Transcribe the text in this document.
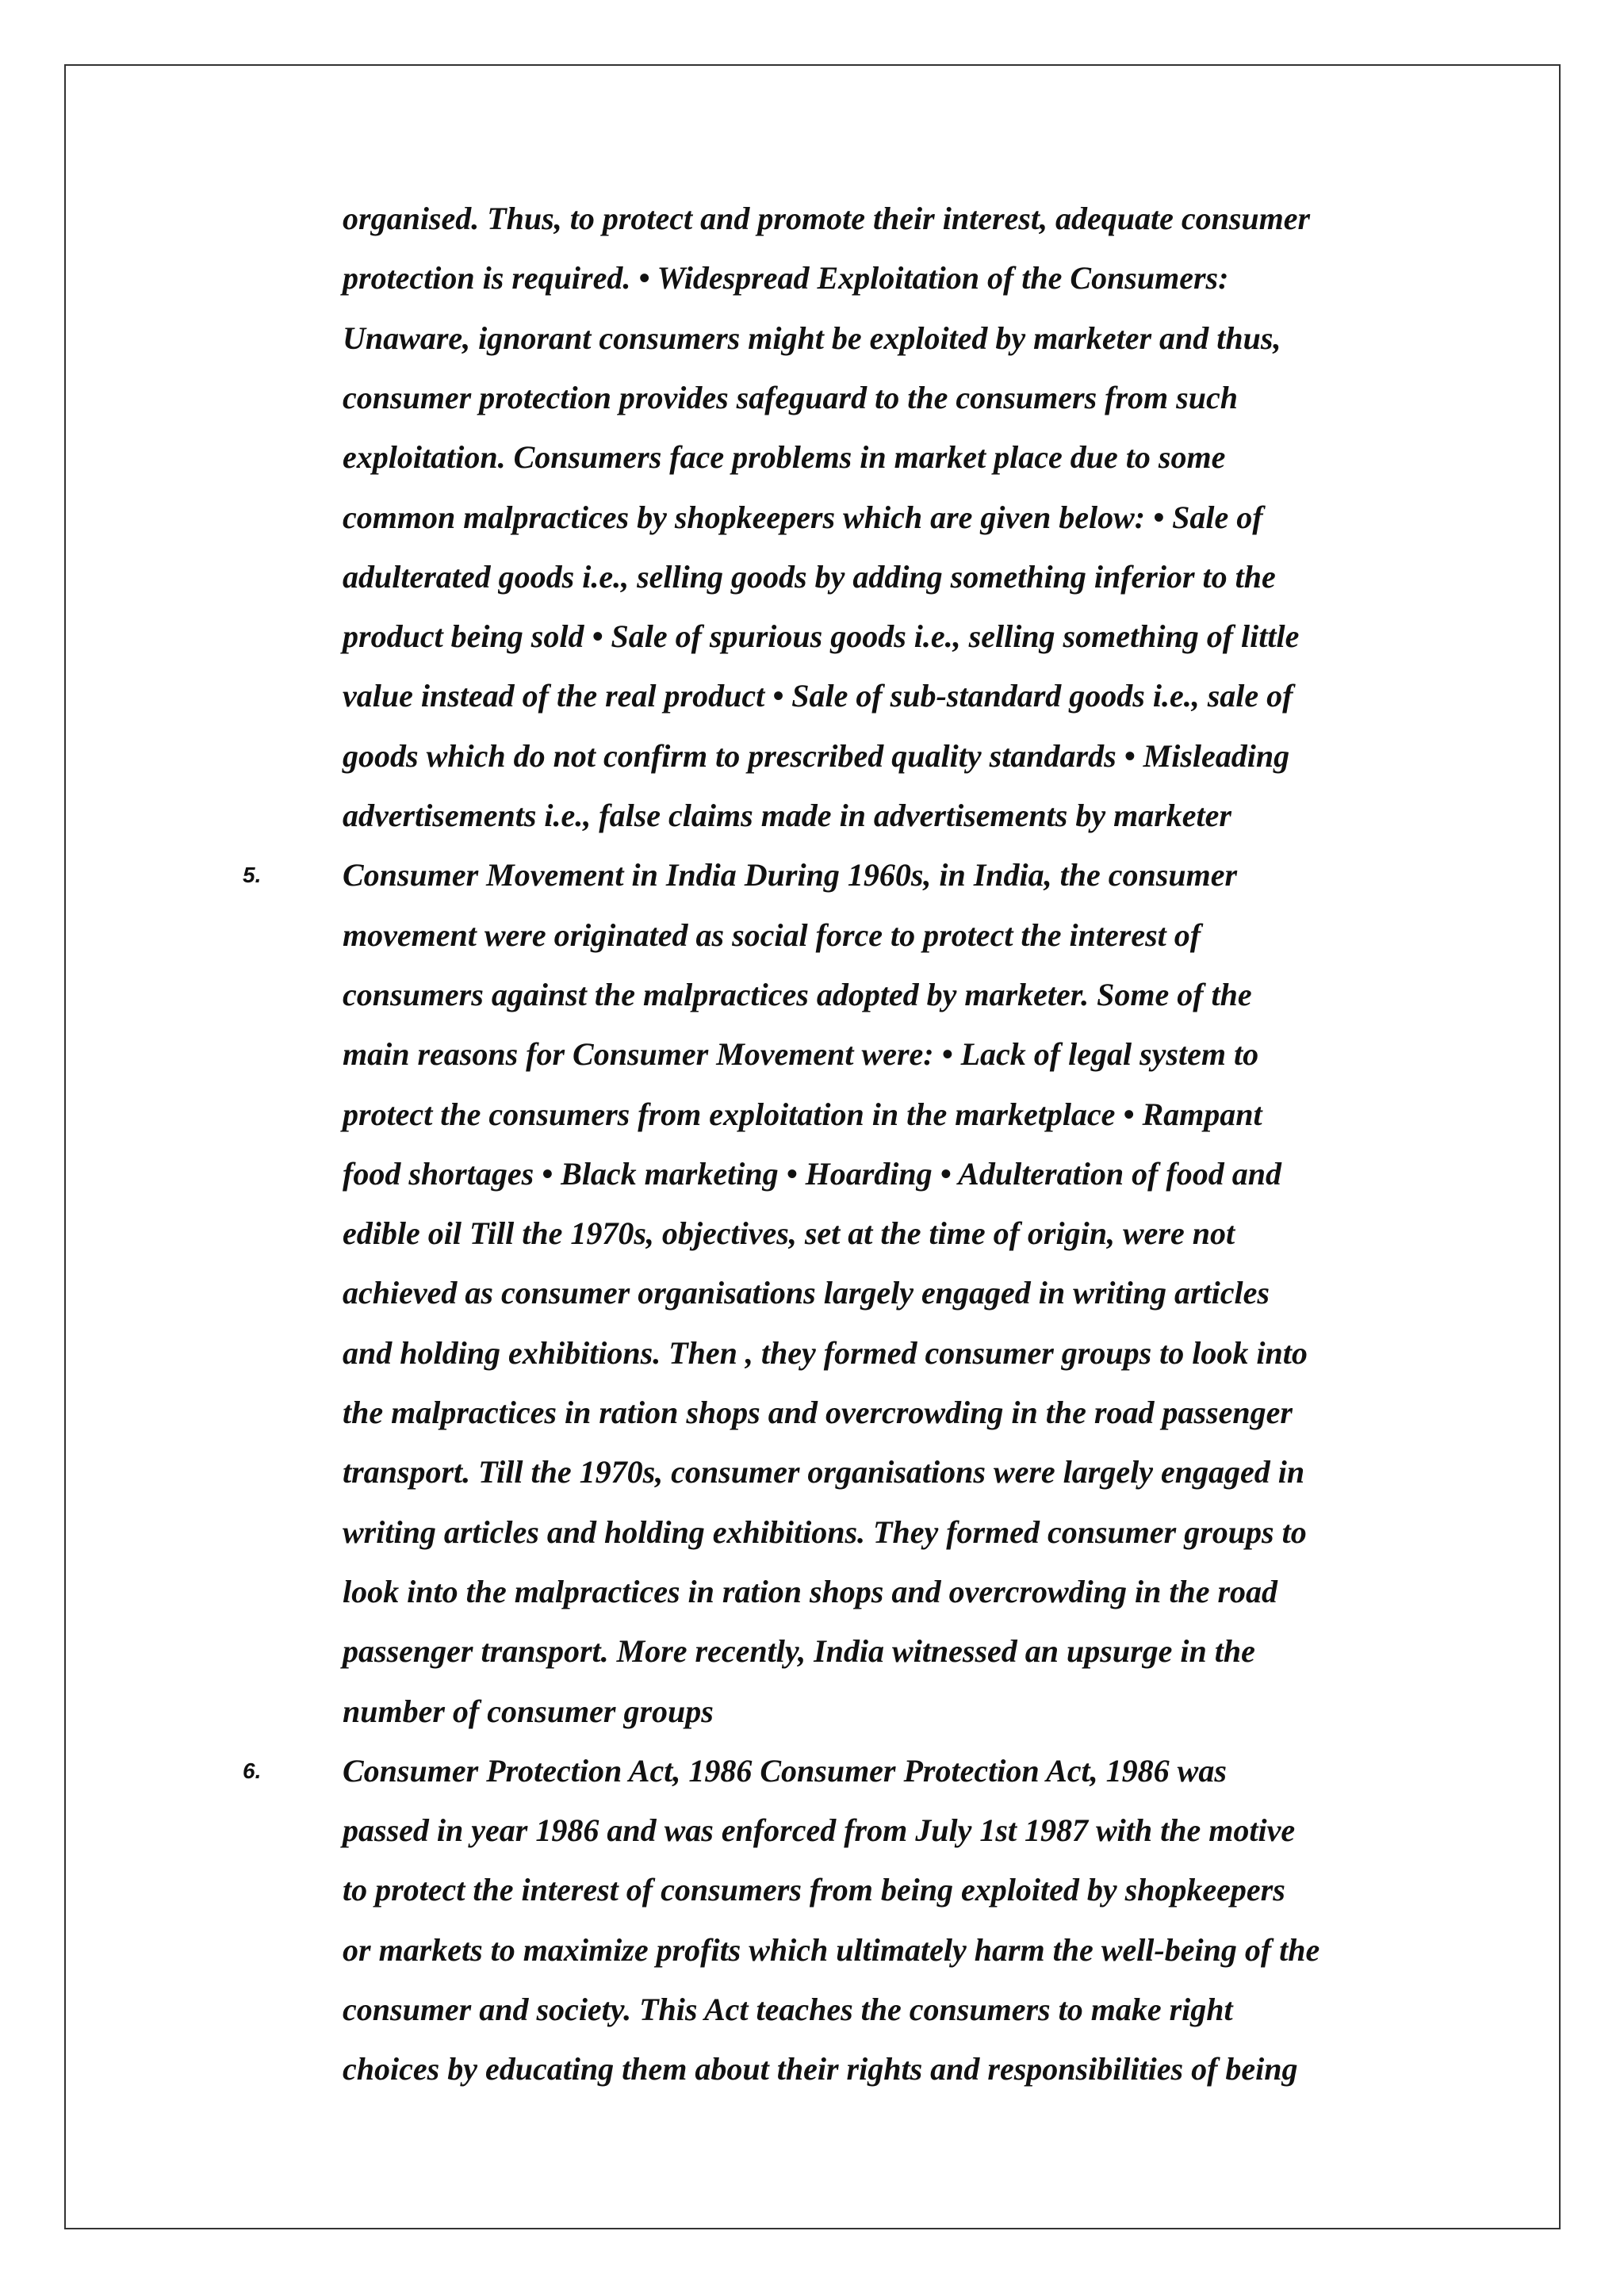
organised. Thus, to protect and promote their interest, adequate consumer
protection is required. • Widespread Exploitation of the Consumers:
Unaware, ignorant consumers might be exploited by marketer and thus,
consumer protection provides safeguard to the consumers from such
exploitation. Consumers face problems in market place due to some
common malpractices by shopkeepers which are given below: • Sale of
adulterated goods i.e., selling goods by adding something inferior to the
product being sold • Sale of spurious goods i.e., selling something of little
value instead of the real product • Sale of sub-standard goods i.e., sale of
goods which do not confirm to prescribed quality standards • Misleading
advertisements i.e., false claims made in advertisements by marketer
5.	Consumer Movement in India During 1960s, in India, the consumer
movement were originated as social force to protect the interest of
consumers against the malpractices adopted by marketer. Some of the
main reasons for Consumer Movement were: • Lack of legal system to
protect the consumers from exploitation in the marketplace • Rampant
food shortages • Black marketing • Hoarding • Adulteration of food and
edible oil Till the 1970s, objectives, set at the time of origin, were not
achieved as consumer organisations largely engaged in writing articles
and holding exhibitions. Then , they formed consumer groups to look into
the malpractices in ration shops and overcrowding in the road passenger
transport. Till the 1970s, consumer organisations were largely engaged in
writing articles and holding exhibitions. They formed consumer groups to
look into the malpractices in ration shops and overcrowding in the road
passenger transport. More recently, India witnessed an upsurge in the
number of consumer groups
6.	Consumer Protection Act, 1986 Consumer Protection Act, 1986 was
passed in year 1986 and was enforced from July 1st 1987 with the motive
to protect the interest of consumers from being exploited by shopkeepers
or markets to maximize profits which ultimately harm the well-being of the
consumer and society. This Act teaches the consumers to make right
choices by educating them about their rights and responsibilities of being
